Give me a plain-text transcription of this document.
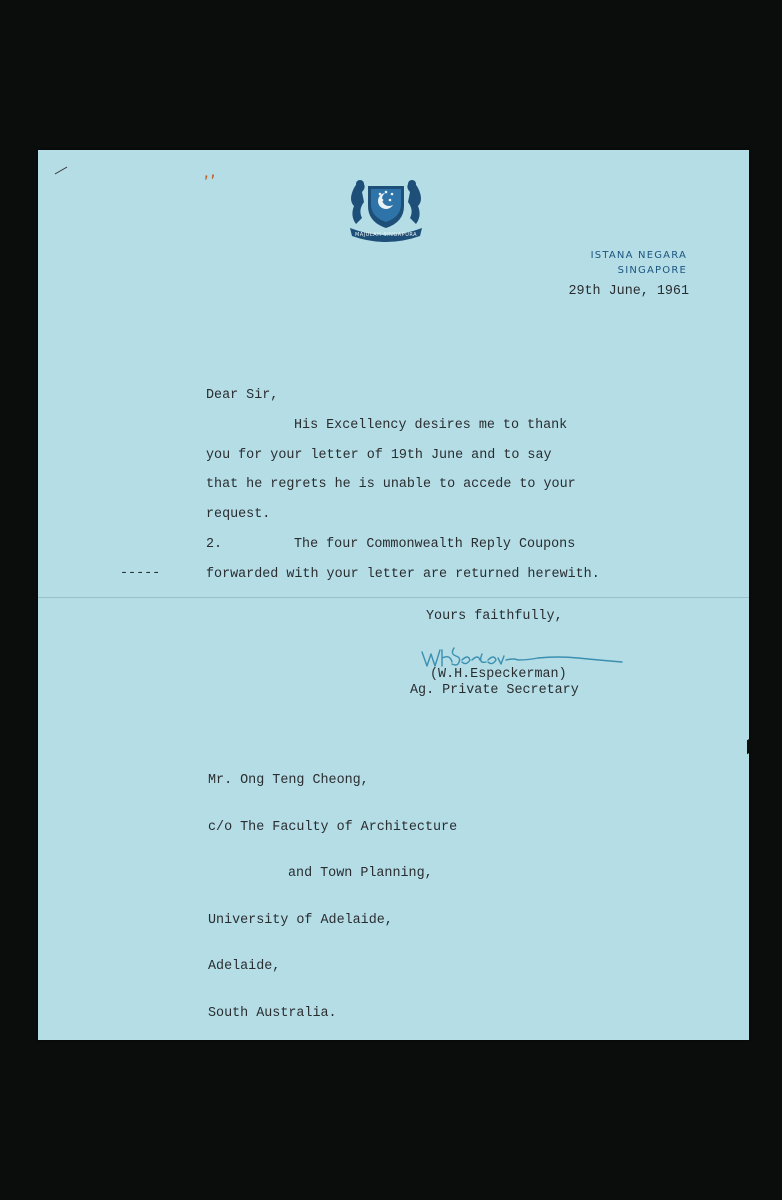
ʼʼ
MAJULAH SINGAPURA
ISTANA NEGARA
SINGAPORE
29th June, 1961
Dear Sir,
His Excellency desires me to thank
you for your letter of 19th June and to say
that he regrets he is unable to accede to your
request.
2.	The four Commonwealth Reply Coupons
forwarded with your letter are returned herewith.
-----
Yours faithfully,
WHEspeckerman
(W.H.Especkerman)
Ag. Private Secretary

Mr. Ong Teng Cheong,

c/o The Faculty of Architecture

and Town Planning,

University of Adelaide,

Adelaide,

South Australia.
